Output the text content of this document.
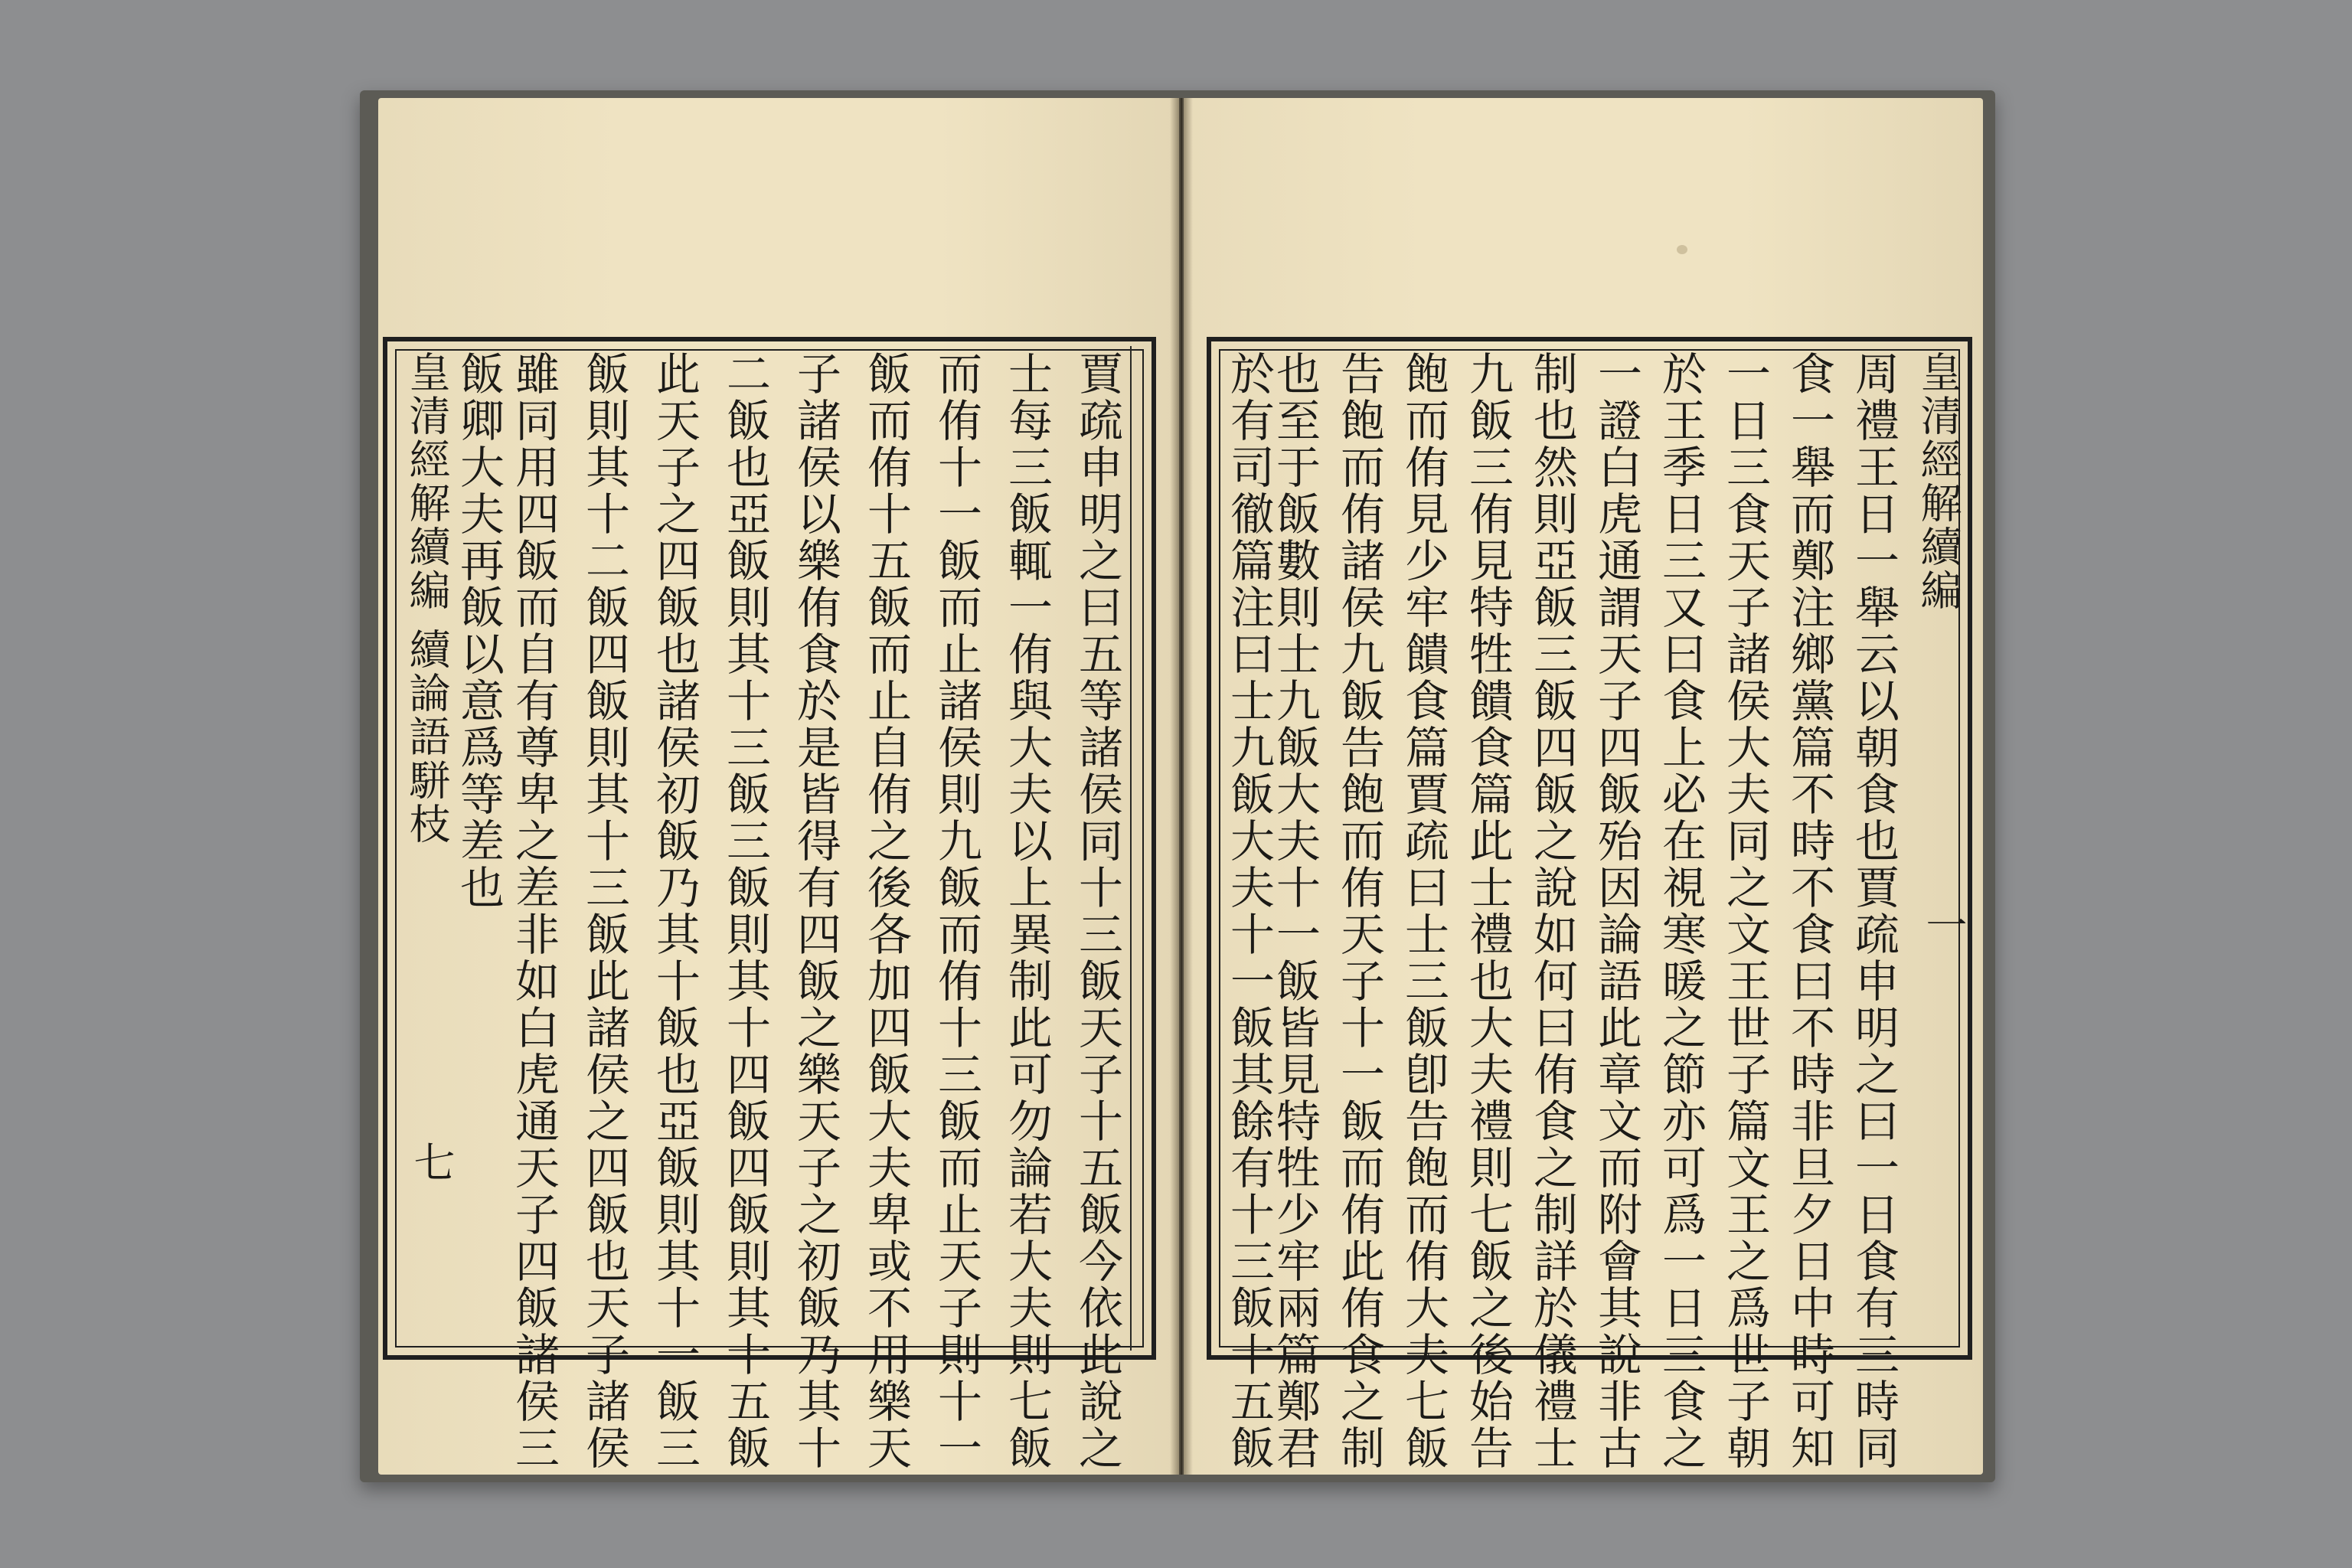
皇清經解續編
續論語駢枝
七	賈疏申明之曰五等諸侯同十三飯天子十五飯今依此說之
士每三飯輒一侑與大夫以上異制此可勿論若大夫則七飯
而侑十一飯而止諸侯則九飯而侑十三飯而止天子則十一
飯而侑十五飯而止自侑之後各加四飯大夫卑或不用樂天
子諸侯以樂侑食於是皆得有四飯之樂天子之初飯乃其十
二飯也亞飯則其十三飯三飯則其十四飯四飯則其十五飯
此天子之四飯也諸侯初飯乃其十飯也亞飯則其十一飯三
飯則其十二飯四飯則其十三飯此諸侯之四飯也天子諸侯
雖同用四飯而自有尊卑之差非如白虎通天子四飯諸侯三
飯卿大夫再飯以意爲等差也	皇清經解續編
一
周禮王日一舉云以朝食也賈疏申明之曰一日食有三時同
食一舉而鄭注鄉黨篇不時不食曰不時非旦夕日中時可知
一日三食天子諸侯大夫同之文王世子篇文王之爲世子朝
於王季日三又曰食上必在視寒暖之節亦可爲一日三食之
一證白虎通謂天子四飯殆因論語此章文而附會其說非古
制也然則亞飯三飯四飯之說如何曰侑食之制詳於儀禮士
九飯三侑見特牲饋食篇此士禮也大夫禮則七飯之後始告
飽而侑見少牢饋食篇賈疏曰士三飯卽告飽而侑大夫七飯
告飽而侑諸侯九飯告飽而侑天子十一飯而侑此侑食之制
也至于飯數則士九飯大夫十一飯皆見特牲少牢兩篇鄭君
於有司徹篇注曰士九飯大夫十一飯其餘有十三飯十五飯
